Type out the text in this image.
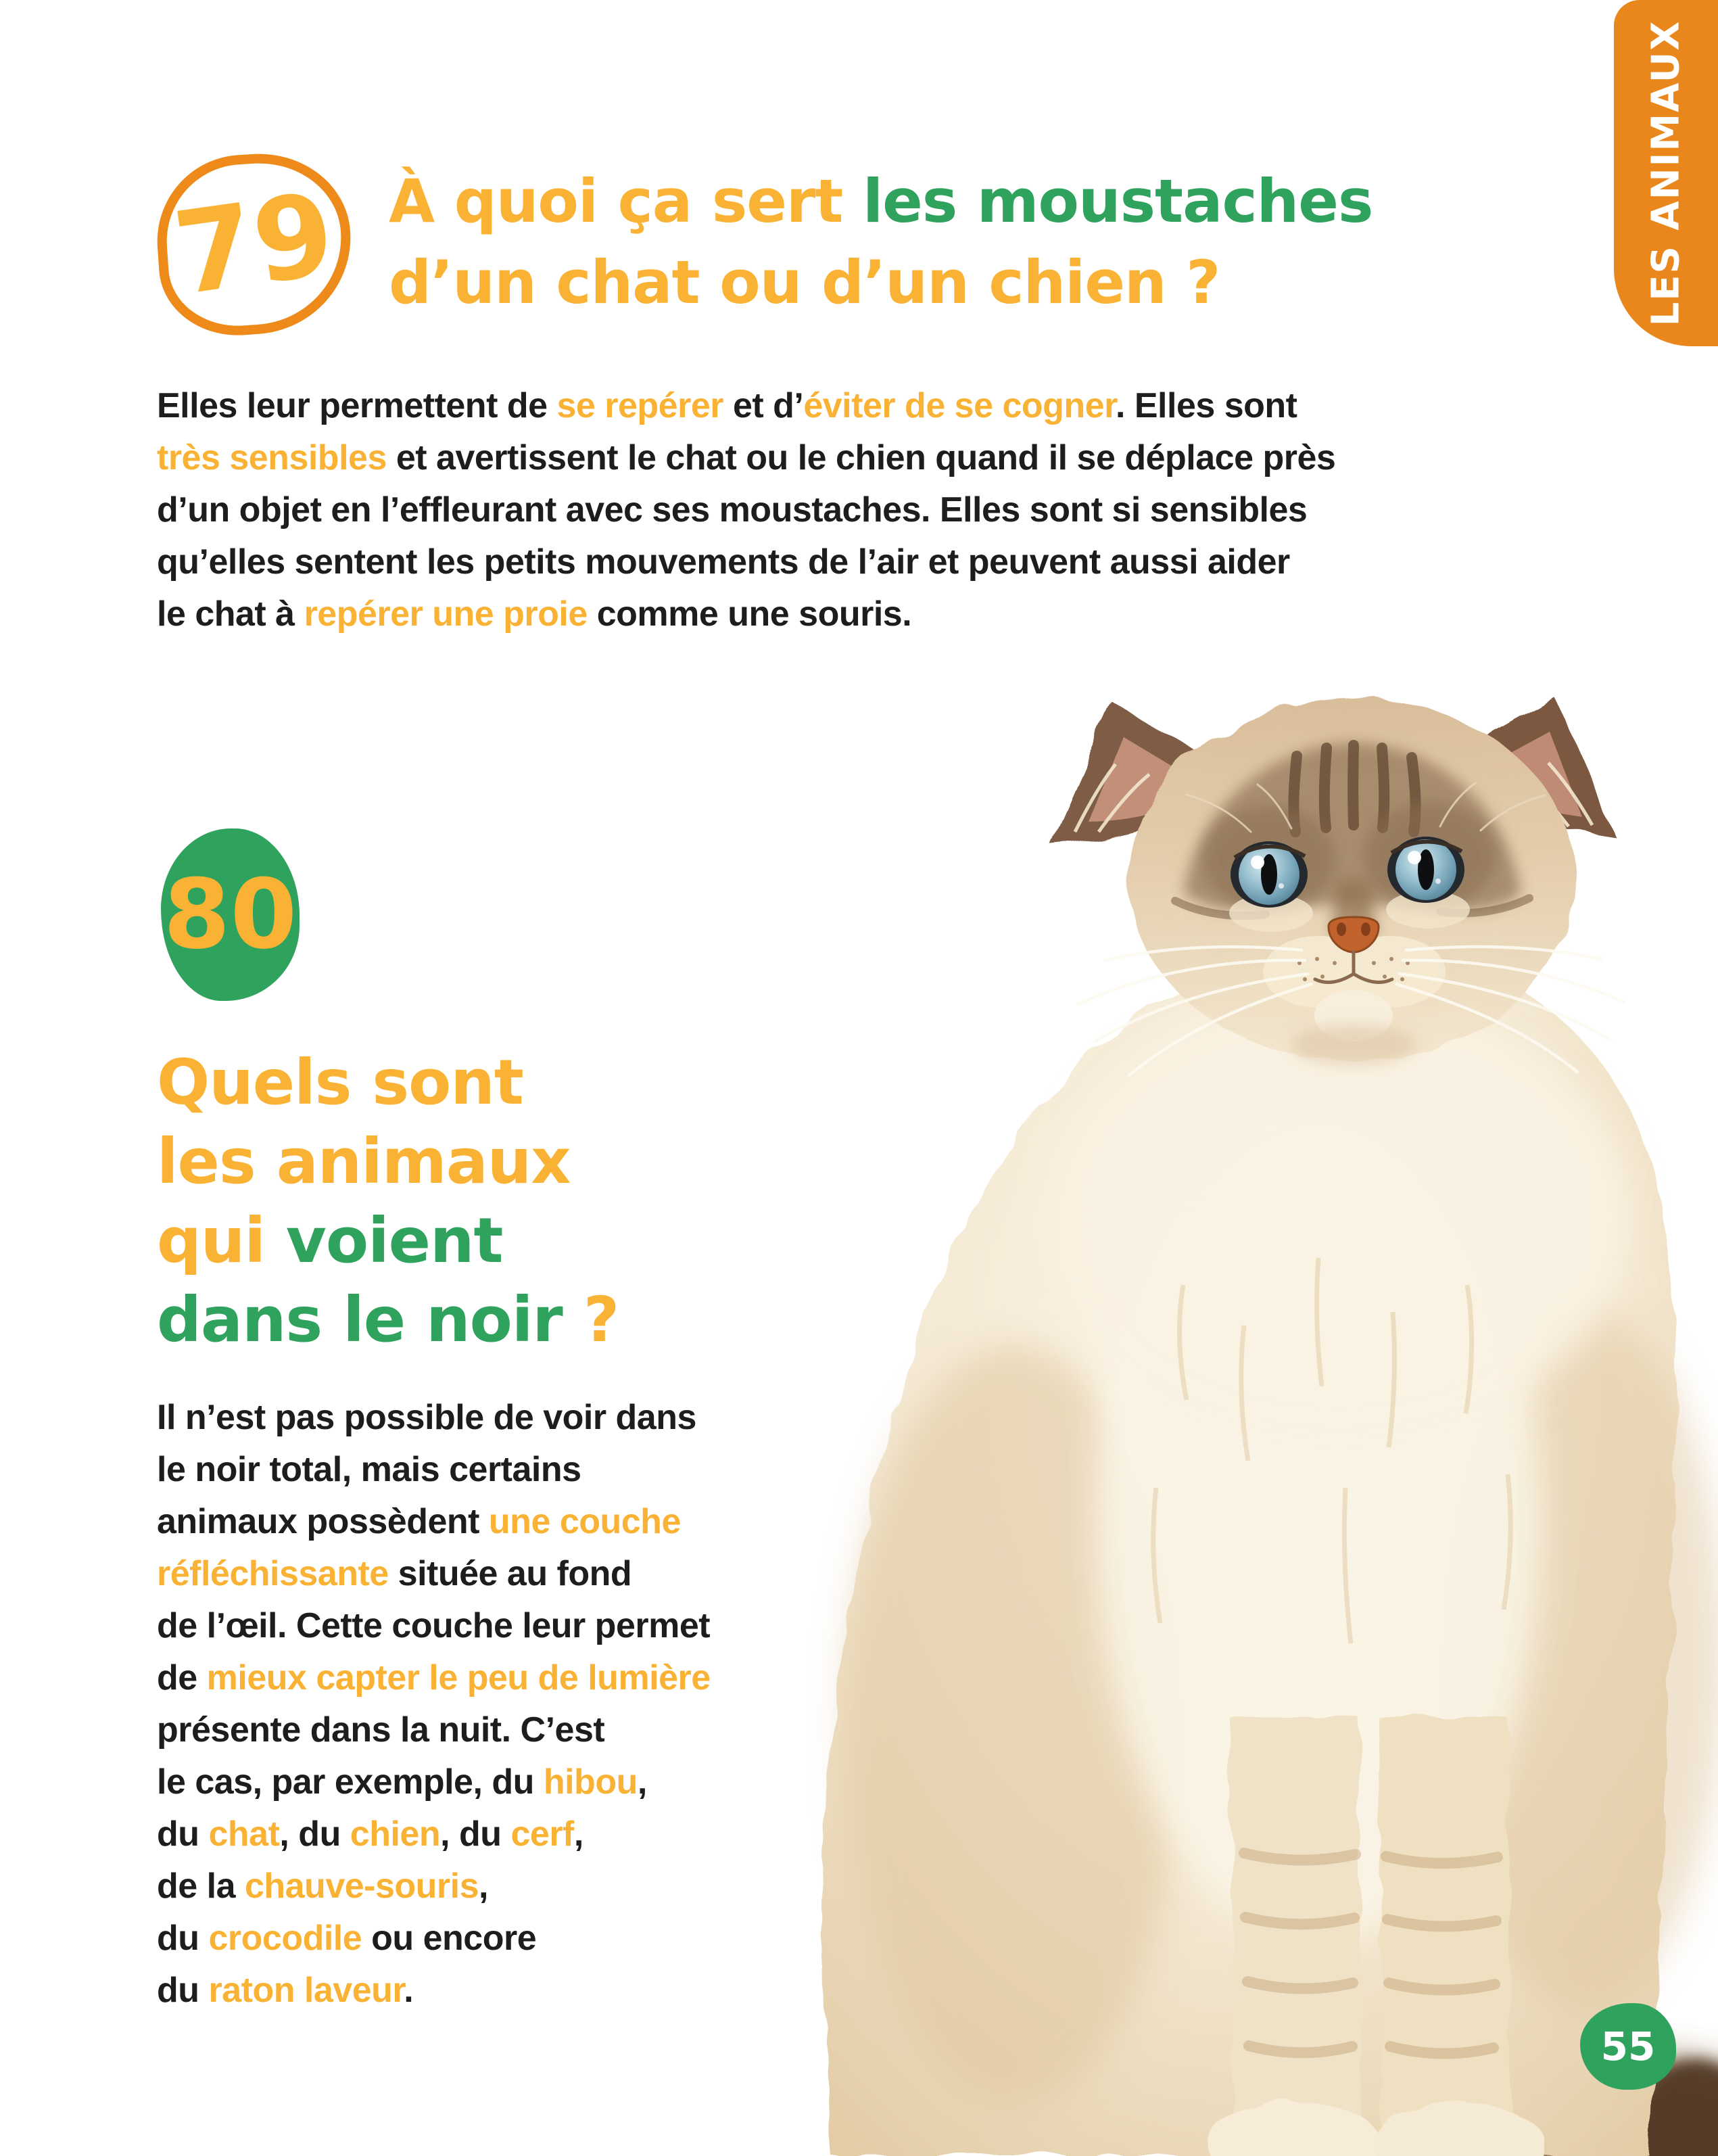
LES ANIMAUX
79 À quoi ça sert les moustaches
d’un chat ou d’un chien ?
Elles leur permettent de se repérer et d’éviter de se cogner. Elles sont
très sensibles et avertissent le chat ou le chien quand il se déplace près
d’un objet en l’effleurant avec ses moustaches. Elles sont si sensibles
qu’elles sentent les petits mouvements de l’air et peuvent aussi aider
le chat à repérer une proie comme une souris.
80
Quels sont
les animaux
qui voient
dans le noir ?
Il n’est pas possible de voir dans
le noir total, mais certains
animaux possèdent une couche
réfléchissante située au fond
de l’œil. Cette couche leur permet
de mieux capter le peu de lumière
présente dans la nuit. C’est
le cas, par exemple, du hibou,
du chat, du chien, du cerf,
de la chauve-souris,
du crocodile ou encore
du raton laveur.
55
